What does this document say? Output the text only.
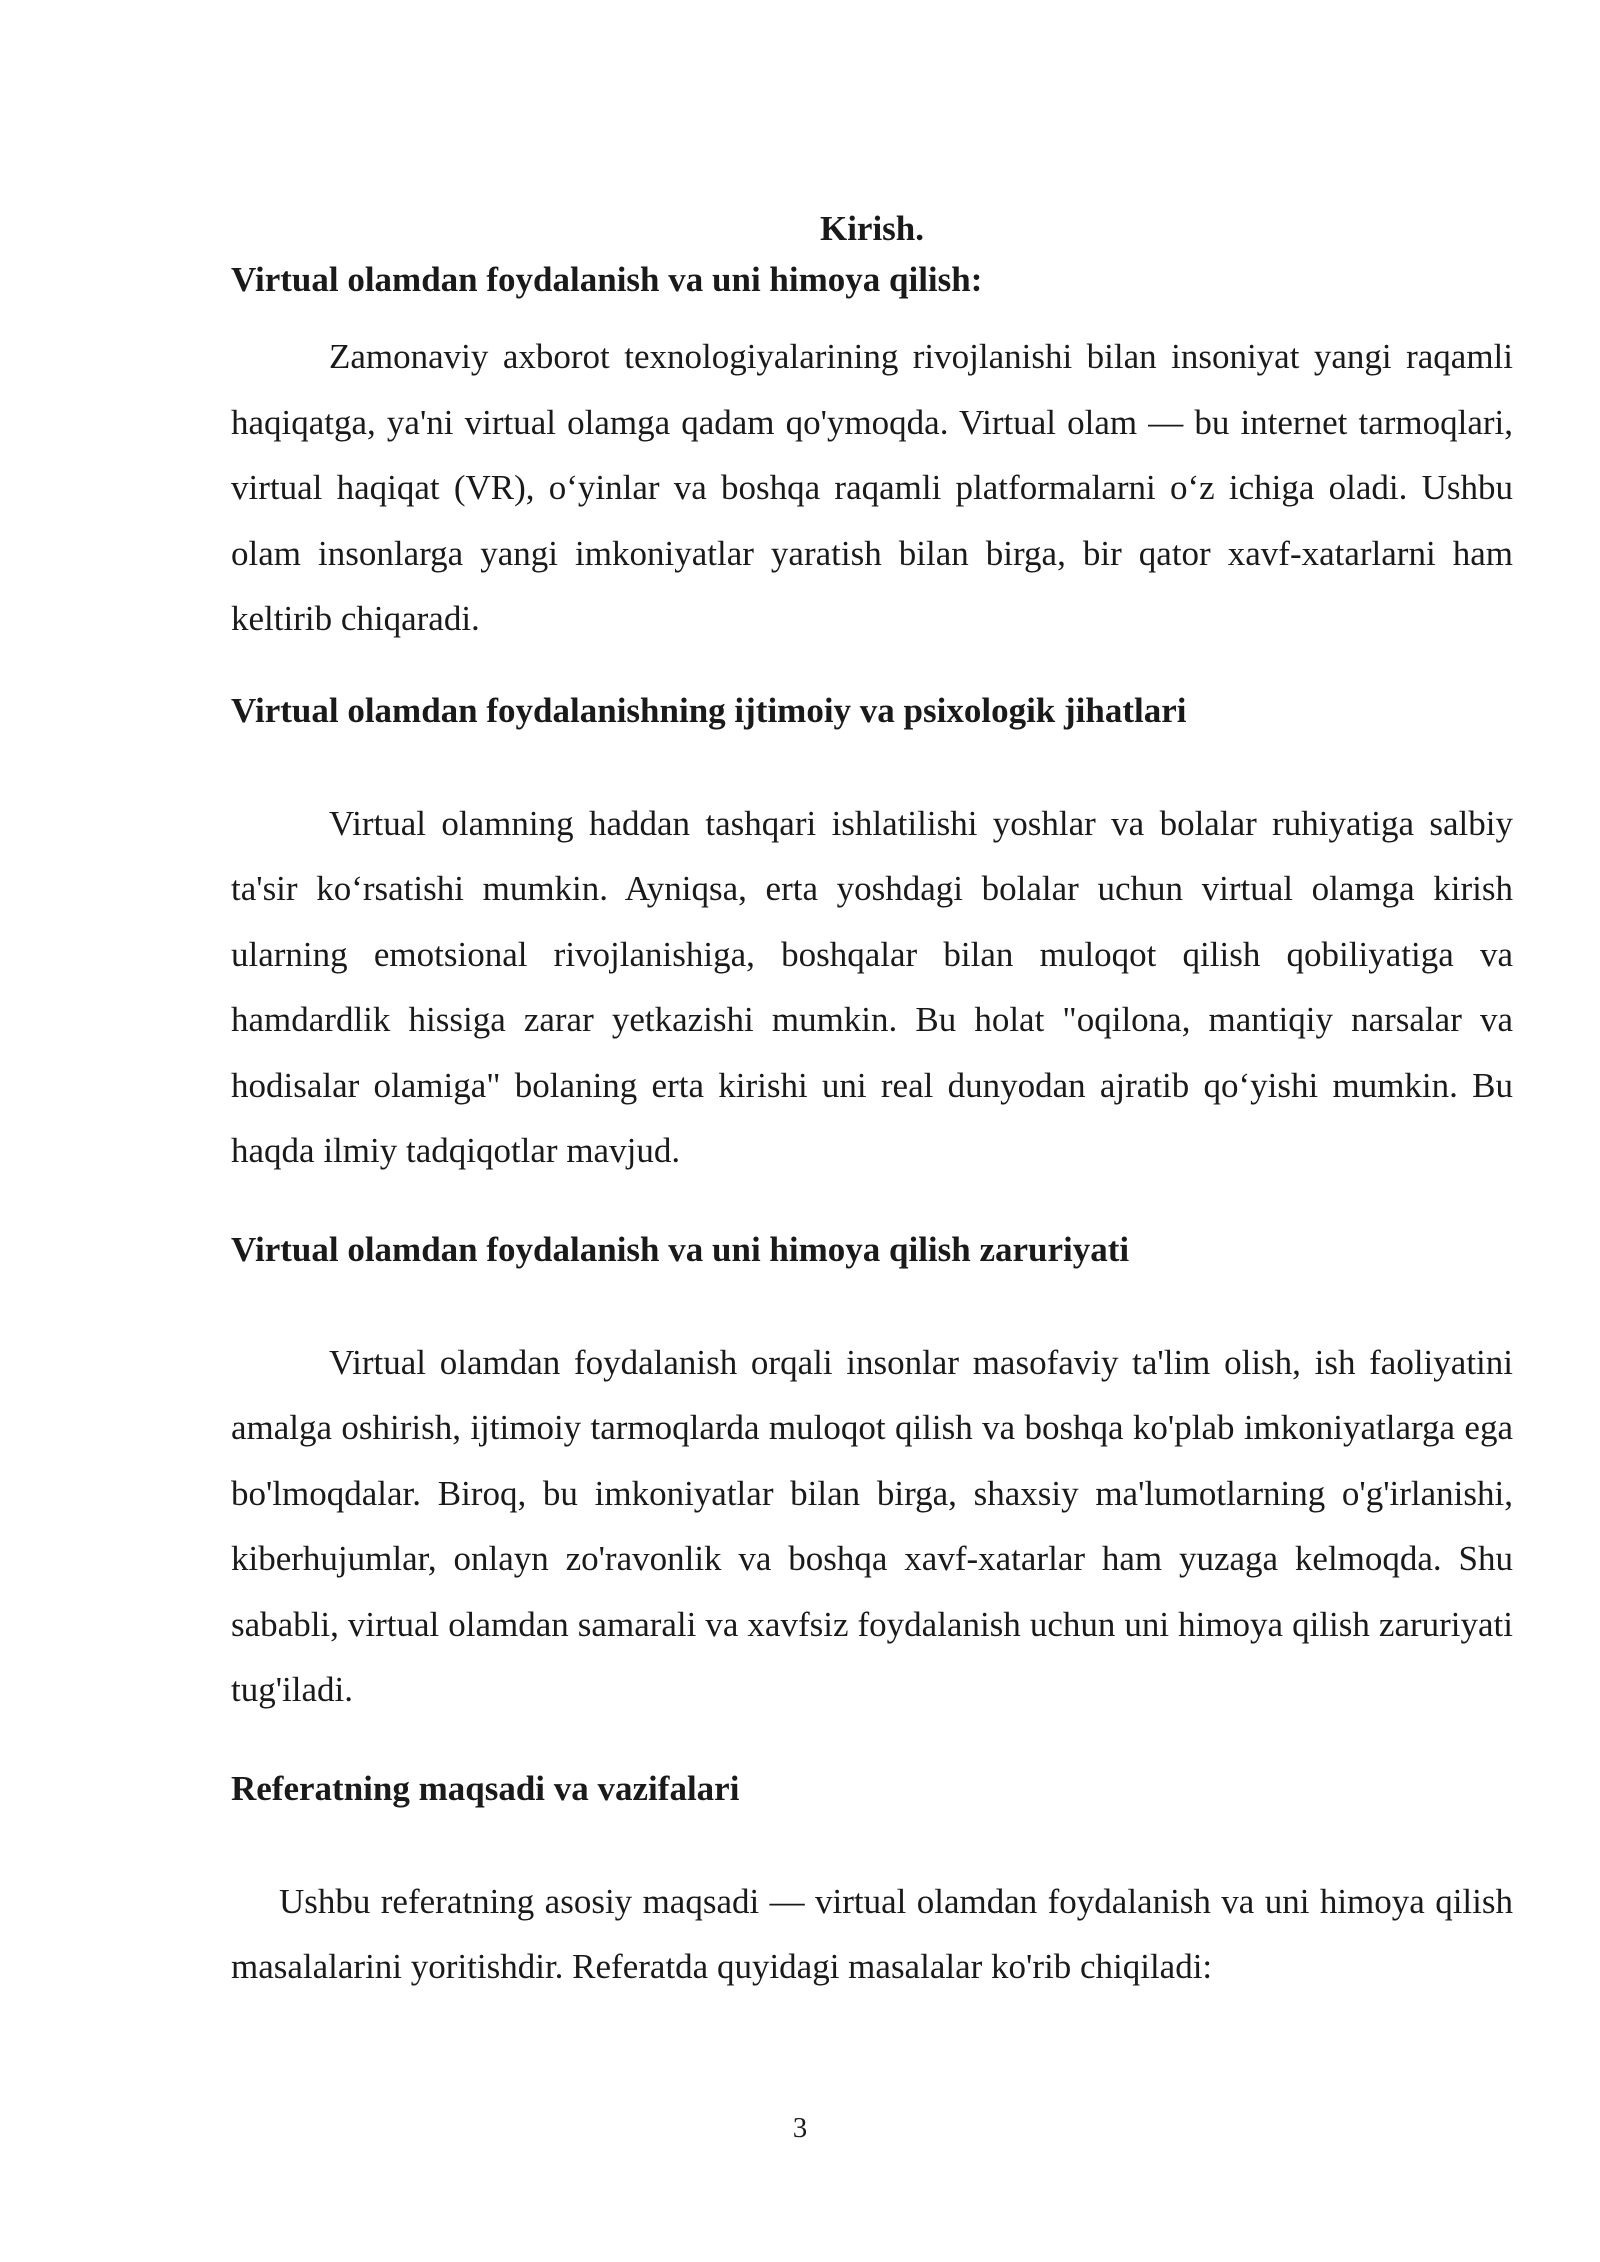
Kirish.
Virtual olamdan foydalanish va uni himoya qilish:

Zamonaviy axborot texnologiyalarining rivojlanishi bilan insoniyat yangi raqamli haqiqatga, ya'ni virtual olamga qadam qo'ymoqda. Virtual olam — bu internet tarmoqlari, virtual haqiqat (VR), o‘yinlar va boshqa raqamli platformalarni o‘z ichiga oladi. Ushbu olam insonlarga yangi imkoniyatlar yaratish bilan birga, bir qator xavf-xatarlarni ham keltirib chiqaradi.

Virtual olamdan foydalanishning ijtimoiy va psixologik jihatlari

Virtual olamning haddan tashqari ishlatilishi yoshlar va bolalar ruhiyatiga salbiy ta'sir ko‘rsatishi mumkin. Ayniqsa, erta yoshdagi bolalar uchun virtual olamga kirish ularning emotsional rivojlanishiga, boshqalar bilan muloqot qilish qobiliyatiga va hamdardlik hissiga zarar yetkazishi mumkin. Bu holat "oqilona, mantiqiy narsalar va hodisalar olamiga" bolaning erta kirishi uni real dunyodan ajratib qo‘yishi mumkin. Bu haqda ilmiy tadqiqotlar mavjud.

Virtual olamdan foydalanish va uni himoya qilish zaruriyati

Virtual olamdan foydalanish orqali insonlar masofaviy ta'lim olish, ish faoliyatini amalga oshirish, ijtimoiy tarmoqlarda muloqot qilish va boshqa ko'plab imkoniyatlarga ega bo'lmoqdalar. Biroq, bu imkoniyatlar bilan birga, shaxsiy ma'lumotlarning o'g'irlanishi, kiberhujumlar, onlayn zo'ravonlik va boshqa xavf-xatarlar ham yuzaga kelmoqda. Shu sababli, virtual olamdan samarali va xavfsiz foydalanish uchun uni himoya qilish zaruriyati tug'iladi.

Referatning maqsadi va vazifalari

Ushbu referatning asosiy maqsadi — virtual olamdan foydalanish va uni himoya qilish masalalarini yoritishdir. Referatda quyidagi masalalar ko'rib chiqiladi:

3
